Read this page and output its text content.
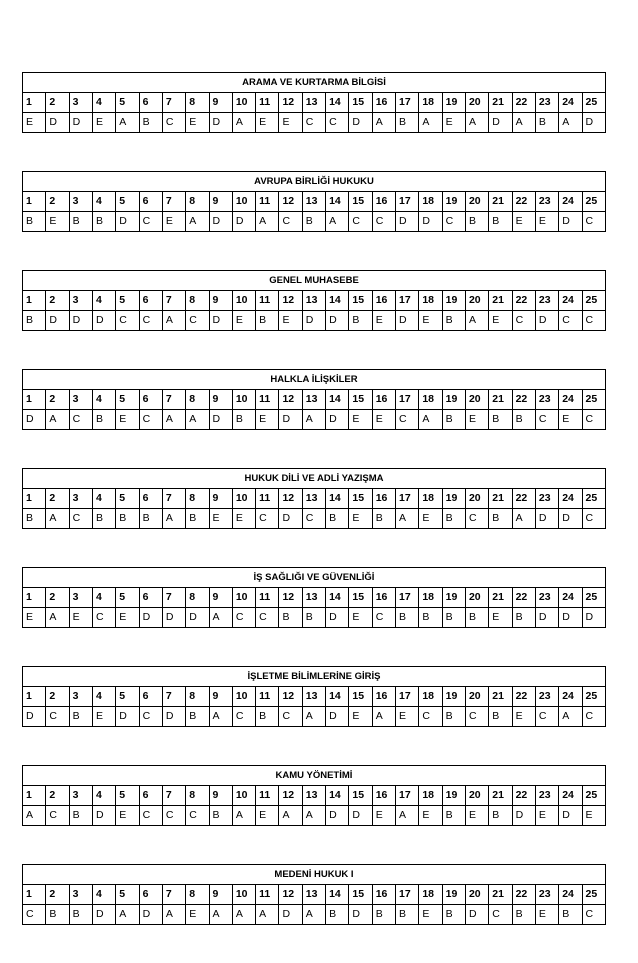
ARAMA VE KURTARMA BİLGİSİ																								
1	2	3	4	5	6	7	8	9	10	11	12	13	14	15	16	17	18	19	20	21	22	23	24	25
E	D	D	E	A	B	C	E	D	A	E	E	C	C	D	A	B	A	E	A	D	A	B	A	D
AVRUPA BİRLİĞİ HUKUKU																								
1	2	3	4	5	6	7	8	9	10	11	12	13	14	15	16	17	18	19	20	21	22	23	24	25
B	E	B	B	D	C	E	A	D	D	A	C	B	A	C	C	D	D	C	B	B	E	E	D	C
GENEL MUHASEBE																								
1	2	3	4	5	6	7	8	9	10	11	12	13	14	15	16	17	18	19	20	21	22	23	24	25
B	D	D	D	C	C	A	C	D	E	B	E	D	D	B	E	D	E	B	A	E	C	D	C	C
HALKLA İLİŞKİLER																								
1	2	3	4	5	6	7	8	9	10	11	12	13	14	15	16	17	18	19	20	21	22	23	24	25
D	A	C	B	E	C	A	A	D	B	E	D	A	D	E	E	C	A	B	E	B	B	C	E	C
HUKUK DİLİ VE ADLİ YAZIŞMA																								
1	2	3	4	5	6	7	8	9	10	11	12	13	14	15	16	17	18	19	20	21	22	23	24	25
B	A	C	B	B	B	A	B	E	E	C	D	C	B	E	B	A	E	B	C	B	A	D	D	C
İŞ SAĞLIĞI VE GÜVENLİĞİ																								
1	2	3	4	5	6	7	8	9	10	11	12	13	14	15	16	17	18	19	20	21	22	23	24	25
E	A	E	C	E	D	D	D	A	C	C	B	B	D	E	C	B	B	B	B	E	B	D	D	D
İŞLETME BİLİMLERİNE GİRİŞ																								
1	2	3	4	5	6	7	8	9	10	11	12	13	14	15	16	17	18	19	20	21	22	23	24	25
D	C	B	E	D	C	D	B	A	C	B	C	A	D	E	A	E	C	B	C	B	E	C	A	C
KAMU YÖNETİMİ																								
1	2	3	4	5	6	7	8	9	10	11	12	13	14	15	16	17	18	19	20	21	22	23	24	25
A	C	B	D	E	C	C	C	B	A	E	A	A	D	D	E	A	E	B	E	B	D	E	D	E
MEDENİ HUKUK I																								
1	2	3	4	5	6	7	8	9	10	11	12	13	14	15	16	17	18	19	20	21	22	23	24	25
C	B	B	D	A	D	A	E	A	A	A	D	A	B	D	B	B	E	B	D	C	B	E	B	C
